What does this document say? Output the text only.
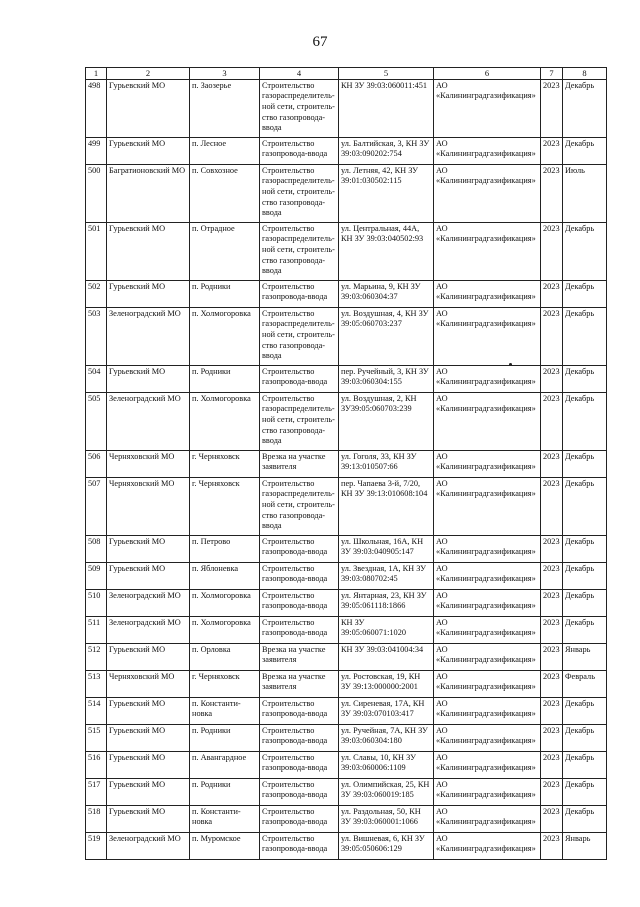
67
1	2	3	4	5	6	7	8
498	Гурьевский МО	п. Заозерье	Строительство газораспределитель-ной сети, строитель-ство газопровода-ввода	КН ЗУ 39:03:060011:451	АО «Калининградгазификация»	2023	Декабрь
499	Гурьевский МО	п. Лесное	Строительство газопровода-ввода	ул. Балтийская, 3, КН ЗУ 39:03:090202:754	АО «Калининградгазификация»	2023	Декабрь
500	Багратионовский МО	п. Совхозное	Строительство газораспределитель-ной сети, строитель-ство газопровода-ввода	ул. Летняя, 42, КН ЗУ 39:01:030502:115	АО «Калининградгазификация»	2023	Июль
501	Гурьевский МО	п. Отрадное	Строительство газораспределитель-ной сети, строитель-ство газопровода-ввода	ул. Центральная, 44А, КН ЗУ 39:03:040502:93	АО «Калининградгазификация»	2023	Декабрь
502	Гурьевский МО	п. Родники	Строительство газопровода-ввода	ул. Марьина, 9, КН ЗУ 39:03:060304:37	АО «Калининградгазификация»	2023	Декабрь
503	Зеленоградский МО	п. Холмогоровка	Строительство газораспределитель-ной сети, строитель-ство газопровода-ввода	ул. Воздушная, 4, КН ЗУ 39:05:060703:237	АО «Калининградгазификация»	2023	Декабрь
504	Гурьевский МО	п. Родники	Строительство газопровода-ввода	пер. Ручейный, 3, КН ЗУ 39:03:060304:155	АО «Калининградгазификация»	2023	Декабрь
505	Зеленоградский МО	п. Холмогоровка	Строительство газораспределитель-ной сети, строитель-ство газопровода-ввода	ул. Воздушная, 2, КН ЗУ39:05:060703:239	АО «Калининградгазификация»	2023	Декабрь
506	Черняховский МО	г. Черняховск	Врезка на участке заявителя	ул. Гоголя, 33, КН ЗУ 39:13:010507:66	АО «Калининградгазификация»	2023	Декабрь
507	Черняховский МО	г. Черняховск	Строительство газораспределитель-ной сети, строитель-ство газопровода-ввода	пер. Чапаева 3-й, 7/20, КН ЗУ 39:13:010608:104	АО «Калининградгазификация»	2023	Декабрь
508	Гурьевский МО	п. Петрово	Строительство газопровода-ввода	ул. Школьная, 16А, КН ЗУ 39:03:040905:147	АО «Калининградгазификация»	2023	Декабрь
509	Гурьевский МО	п. Яблоневка	Строительство газопровода-ввода	ул. Звездная, 1А, КН ЗУ 39:03:080702:45	АО «Калининградгазификация»	2023	Декабрь
510	Зеленоградский МО	п. Холмогоровка	Строительство газопровода-ввода	ул. Янтарная, 23, КН ЗУ 39:05:061118:1866	АО «Калининградгазификация»	2023	Декабрь
511	Зеленоградский МО	п. Холмогоровка	Строительство газопровода-ввода	КН ЗУ 39:05:060071:1020	АО «Калининградгазификация»	2023	Декабрь
512	Гурьевский МО	п. Орловка	Врезка на участке заявителя	КН ЗУ 39:03:041004:34	АО «Калининградгазификация»	2023	Январь
513	Черняховский МО	г. Черняховск	Врезка на участке заявителя	ул. Ростовская, 19, КН ЗУ 39:13:000000:2001	АО «Калининградгазификация»	2023	Февраль
514	Гурьевский МО	п. Константи-новка	Строительство газопровода-ввода	ул. Сиреневая, 17А, КН ЗУ 39:03:070103:417	АО «Калининградгазификация»	2023	Декабрь
515	Гурьевский МО	п. Родники	Строительство газопровода-ввода	ул. Ручейная, 7А, КН ЗУ 39:03:060304:180	АО «Калининградгазификация»	2023	Декабрь
516	Гурьевский МО	п. Авангардное	Строительство газопровода-ввода	ул. Славы, 10, КН ЗУ 39:03:060006:1109	АО «Калининградгазификация»	2023	Декабрь
517	Гурьевский МО	п. Родники	Строительство газопровода-ввода	ул. Олимпийская, 25, КН ЗУ 39:03:060019:185	АО «Калининградгазификация»	2023	Декабрь
518	Гурьевский МО	п. Константи-новка	Строительство газопровода-ввода	ул. Раздольная, 50, КН ЗУ 39:03:060001:1066	АО «Калининградгазификация»	2023	Декабрь
519	Зеленоградский МО	п. Муромское	Строительство газопровода-ввода	ул. Вишневая, 6, КН ЗУ 39:05:050606:129	АО «Калининградгазификация»	2023	Январь
